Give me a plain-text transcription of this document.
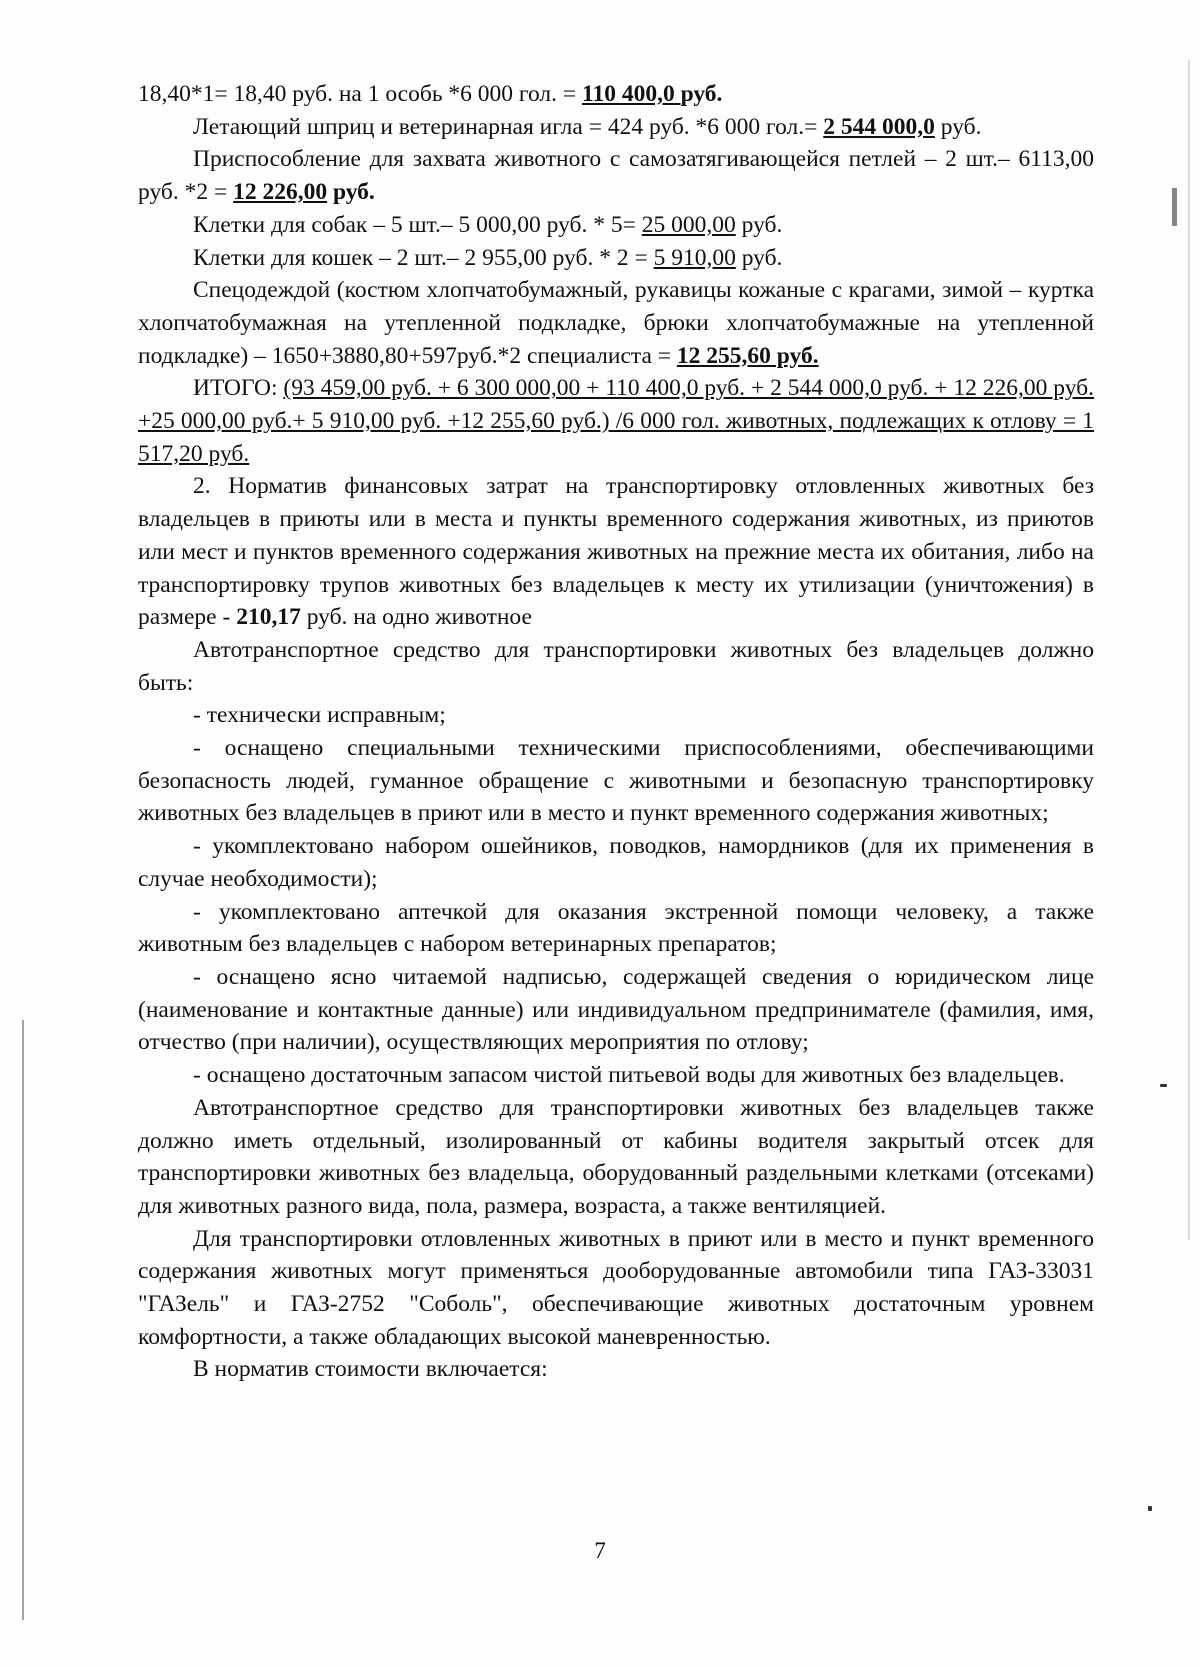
18,40*1= 18,40 руб. на 1 особь *6 000 гол. = 110 400,0 руб.

Летающий шприц и ветеринарная игла = 424 руб. *6 000 гол.= 2 544 000,0 руб.

Приспособление для захвата животного с самозатягивающейся петлей – 2 шт.– 6113,00 руб. *2 = 12 226,00 руб.

Клетки для собак – 5 шт.– 5 000,00 руб. * 5= 25 000,00 руб.

Клетки для кошек – 2 шт.– 2 955,00 руб. * 2 = 5 910,00 руб.

Спецодеждой (костюм хлопчатобумажный, рукавицы кожаные с крагами, зимой – куртка хлопчатобумажная на утепленной подкладке, брюки хлопчатобумажные на утепленной подкладке) – 1650+3880,80+597руб.*2 специалиста = 12 255,60 руб.

ИТОГО: (93 459,00 руб. + 6 300 000,00 + 110 400,0 руб. + 2 544 000,0 руб. + 12 226,00 руб. +25 000,00 руб.+ 5 910,00 руб. +12 255,60 руб.) /6 000 гол. животных, подлежащих к отлову = 1 517,20 руб.

2. Норматив финансовых затрат на транспортировку отловленных животных без владельцев в приюты или в места и пункты временного содержания животных, из приютов или мест и пунктов временного содержания животных на прежние места их обитания, либо на транспортировку трупов животных без владельцев к месту их утилизации (уничтожения) в размере - 210,17 руб. на одно животное

Автотранспортное средство для транспортировки животных без владельцев должно быть:

- технически исправным;

- оснащено специальными техническими приспособлениями, обеспечивающими безопасность людей, гуманное обращение с животными и безопасную транспортировку животных без владельцев в приют или в место и пункт временного содержания животных;

- укомплектовано набором ошейников, поводков, намордников (для их применения в случае необходимости);

- укомплектовано аптечкой для оказания экстренной помощи человеку, а также животным без владельцев с набором ветеринарных препаратов;

- оснащено ясно читаемой надписью, содержащей сведения о юридическом лице (наименование и контактные данные) или индивидуальном предпринимателе (фамилия, имя, отчество (при наличии), осуществляющих мероприятия по отлову;

- оснащено достаточным запасом чистой питьевой воды для животных без владельцев.

Автотранспортное средство для транспортировки животных без владельцев также должно иметь отдельный, изолированный от кабины водителя закрытый отсек для транспортировки животных без владельца, оборудованный раздельными клетками (отсеками) для животных разного вида, пола, размера, возраста, а также вентиляцией.

Для транспортировки отловленных животных в приют или в место и пункт временного содержания животных могут применяться дооборудованные автомобили типа ГАЗ-33031 "ГАЗель" и ГАЗ-2752 "Соболь", обеспечивающие животных достаточным уровнем комфортности, а также обладающих высокой маневренностью.

В норматив стоимости включается:

7
